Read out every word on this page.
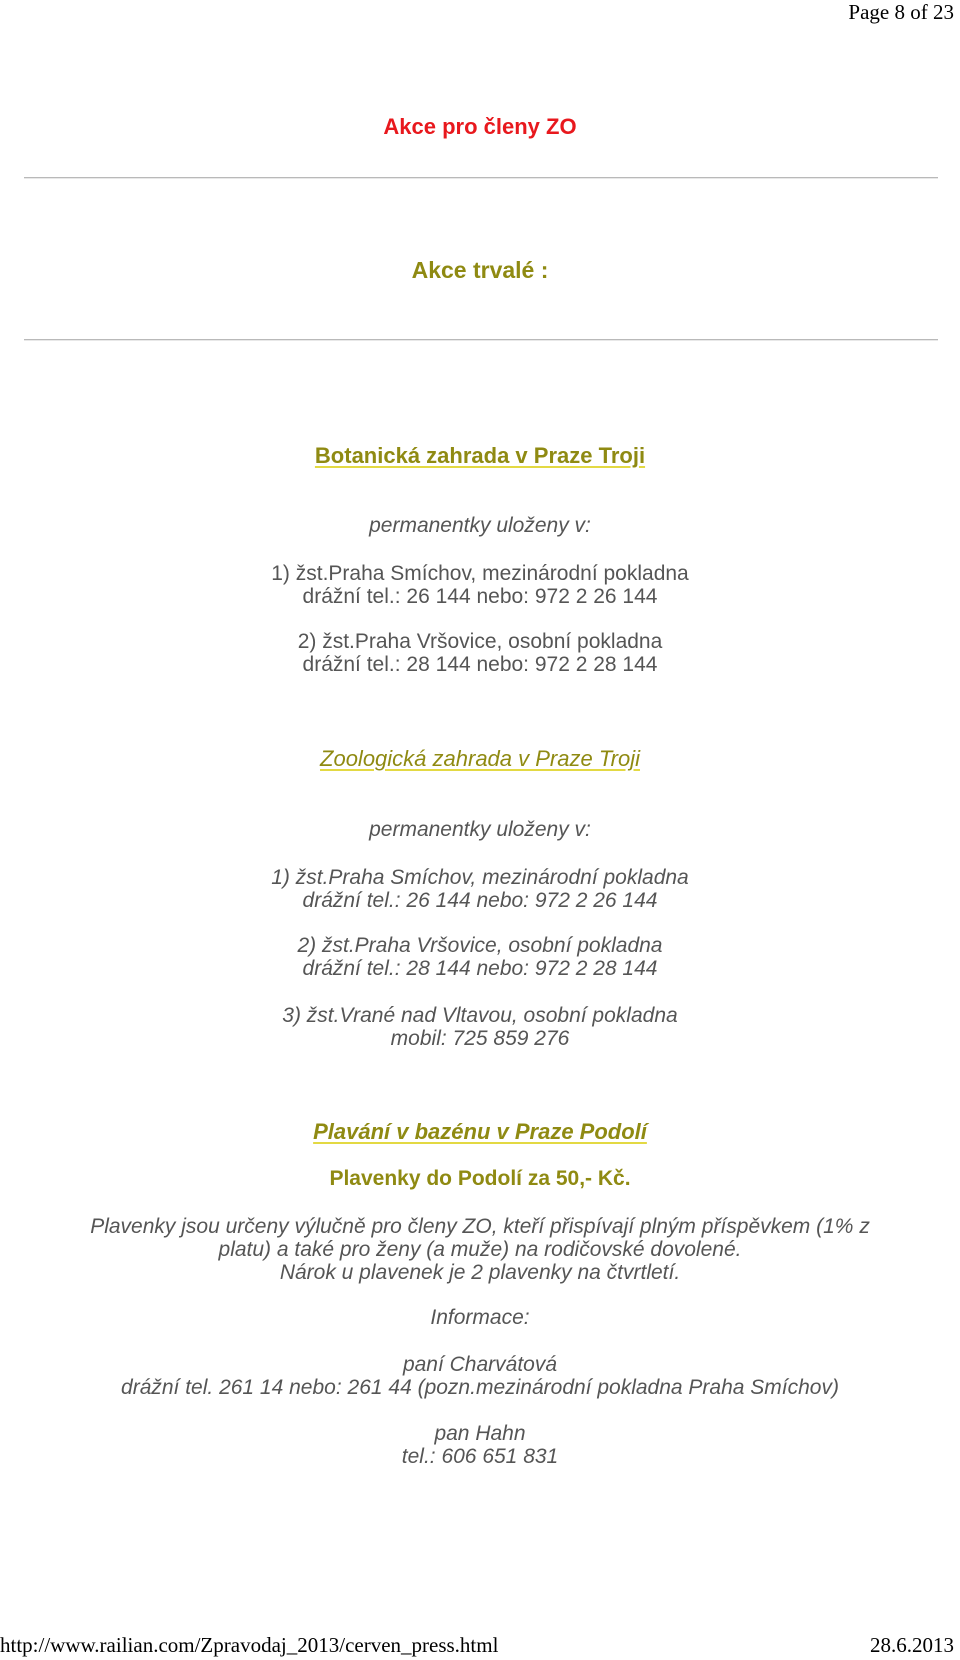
Page 8 of 23
Akce pro členy ZO
Akce trvalé :
Botanická zahrada v Praze Troji
permanentky uloženy v:
1) žst.Praha Smíchov, mezinárodní pokladna
drážní tel.: 26 144 nebo: 972 2 26 144
2) žst.Praha Vršovice, osobní pokladna
drážní tel.: 28 144 nebo: 972 2 28 144
Zoologická zahrada v Praze Troji
permanentky uloženy v:
1) žst.Praha Smíchov, mezinárodní pokladna
drážní tel.: 26 144 nebo: 972 2 26 144
2) žst.Praha Vršovice, osobní pokladna
drážní tel.: 28 144 nebo: 972 2 28 144
3) žst.Vrané nad Vltavou, osobní pokladna
mobil: 725 859 276
Plavání v bazénu v Praze Podolí
Plavenky do Podolí za 50,- Kč.
Plavenky jsou určeny výlučně pro členy ZO, kteří přispívají plným příspěvkem (1% z
platu) a také pro ženy (a muže) na rodičovské dovolené.
Nárok u plavenek je 2 plavenky na čtvrtletí.
Informace:
paní Charvátová
drážní tel. 261 14 nebo: 261 44 (pozn.mezinárodní pokladna Praha Smíchov)
pan Hahn
tel.: 606 651 831
http://www.railian.com/Zpravodaj_2013/cerven_press.html	28.6.2013
